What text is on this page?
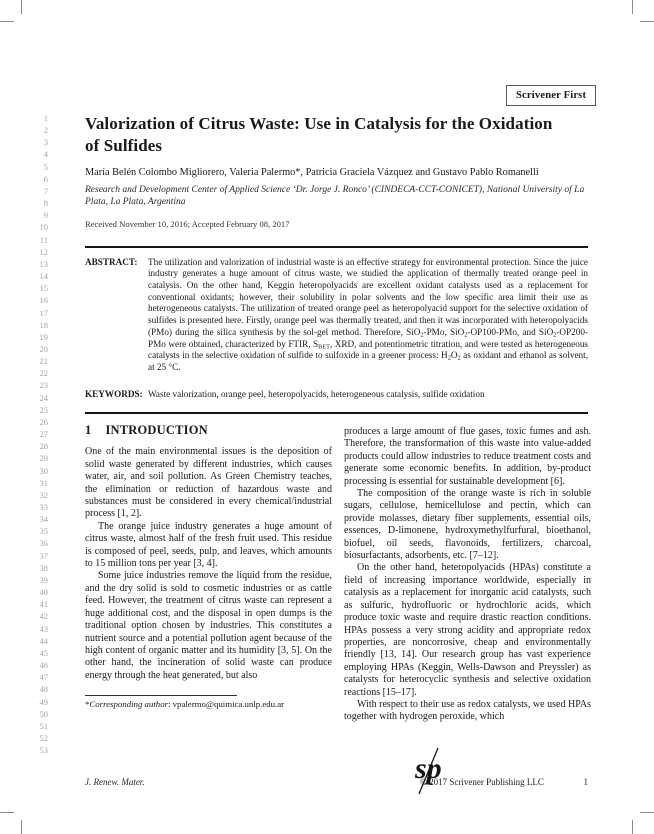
1
2
3
4
5
6
7
8
9
10
11
12
13
14
15
16
17
18
19
20
21
22
23
24
25
26
27
28
29
30
31
32
33
34
35
36
37
38
39
40
41
42
43
44
45
46
47
48
49
50
51
52
53
Scrivener First
Valorization of Citrus Waste: Use in Catalysis for the Oxidation of Sulfides
María Belén Colombo Migliorero, Valeria Palermo*, Patricia Graciela Vázquez and Gustavo Pablo Romanelli
Research and Development Center of Applied Science ‘Dr. Jorge J. Ronco’ (CINDECA-CCT-CONICET), National University of La Plata, La Plata, Argentina
Received November 10, 2016; Accepted February 08, 2017
ABSTRACT:	The utilization and valorization of industrial waste is an effective strategy for environmental protection. Since the juice industry generates a huge amount of citrus waste, we studied the application of thermally treated orange peel in catalysis. On the other hand, Keggin heteropolyacids are excellent oxidant catalysts used as a replacement for conventional oxidants; however, their solubility in polar solvents and the low specific area limit their use as heterogeneous catalysts. The utilization of treated orange peel as heteropolyacid support for the selective oxidation of sulfides is presented here. Firstly, orange peel was thermally treated, and then it was incorporated with heteropolyacids (PMo) during the silica synthesis by the sol-gel method. Therefore, SiO$_2$-PMo, SiO$_2$-OP100-PMo, and SiO$_2$-OP200-PMo were obtained, characterized by FTIR, $S_{BET}$, XRD, and potentiometric titration, and were tested as heterogeneous catalysts in the selective oxidation of sulfide to sulfoxide in a greener process: $H_2O_2$ as oxidant and ethanol as solvent, at 25 °C.
KEYWORDS: Waste valorization, orange peel, heteropolyacids, heterogeneous catalysis, sulfide oxidation
1 INTRODUCTION

One of the main environmental issues is the deposition of solid waste generated by different industries, which causes water, air, and soil pollution. As Green Chemistry teaches, the elimination or reduction of hazardous waste and substances must be considered in every chemical/industrial process [1, 2].

The orange juice industry generates a huge amount of citrus waste, almost half of the fresh fruit used. This residue is composed of peel, seeds, pulp, and leaves, which amounts to 15 million tons per year [3, 4].

Some juice industries remove the liquid from the residue, and the dry solid is sold to cosmetic industries or as cattle feed. However, the treatment of citrus waste can represent a huge additional cost, and the disposal in open dumps is the traditional option chosen by industries. This constitutes a nutrient source and a potential pollution agent because of the high content of organic matter and its humidity [3, 5]. On the other hand, the incineration of solid waste can produce energy through the heat generated, but also

*Corresponding author: vpalermo@quimica.unlp.edu.ar

produces a large amount of flue gases, toxic fumes and ash. Therefore, the transformation of this waste into value-added products could allow industries to reduce treatment costs and generate some economic benefits. In addition, by-product processing is essential for sustainable development [6].

The composition of the orange waste is rich in soluble sugars, cellulose, hemicellulose and pectin, which can provide molasses, dietary fiber supplements, essential oils, essences, D-limonene, hydroxymethylfurfural, bioethanol, biofuel, oil seeds, flavonoids, fertilizers, charcoal, biosurfactants, adsorbents, etc. [7–12].

On the other hand, heteropolyacids (HPAs) constitute a field of increasing importance worldwide, especially in catalysis as a replacement for inorganic acid catalysts, such as sulfuric, hydrofluoric or hydrochloric acids, which produce toxic waste and require drastic reaction conditions. HPAs possess a very strong acidity and appropriate redox properties, are noncorrosive, cheap and environmentally friendly [13, 14]. Our research group has vast experience employing HPAs (Keggin, Wells-Dawson and Preyssler) as catalysts for heterocyclic synthesis and selective oxidation reactions [15–17].

With respect to their use as redox catalysts, we used HPAs together with hydrogen peroxide, which

J. Renew. Mater.	sp
© 2017 Scrivener Publishing LLC	1
